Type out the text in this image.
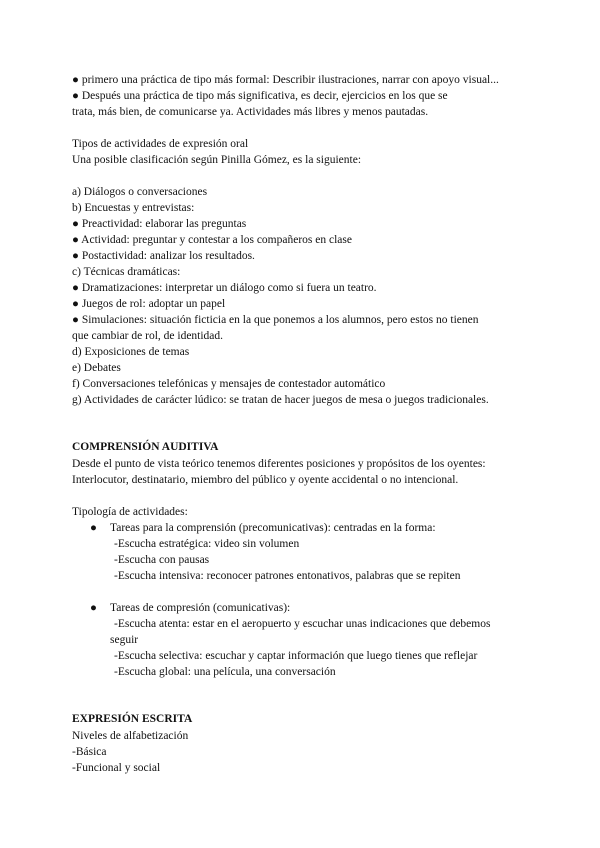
● primero una práctica de tipo más formal: Describir ilustraciones, narrar con apoyo visual...
● Después una práctica de tipo más significativa, es decir, ejercicios en los que se
trata, más bien, de comunicarse ya. Actividades más libres y menos pautadas.
Tipos de actividades de expresión oral
Una posible clasificación según Pinilla Gómez, es la siguiente:
a) Diálogos o conversaciones
b) Encuestas y entrevistas:
● Preactividad: elaborar las preguntas
● Actividad: preguntar y contestar a los compañeros en clase
● Postactividad: analizar los resultados.
c) Técnicas dramáticas:
● Dramatizaciones: interpretar un diálogo como si fuera un teatro.
● Juegos de rol: adoptar un papel
● Simulaciones: situación ficticia en la que ponemos a los alumnos, pero estos no tienen
que cambiar de rol, de identidad.
d) Exposiciones de temas
e) Debates
f) Conversaciones telefónicas y mensajes de contestador automático
g) Actividades de carácter lúdico: se tratan de hacer juegos de mesa o juegos tradicionales.
COMPRENSIÓN AUDITIVA
Desde el punto de vista teórico tenemos diferentes posiciones y propósitos de los oyentes:
Interlocutor, destinatario, miembro del público y oyente accidental o no intencional.
Tipología de actividades:
● Tareas para la comprensión (precomunicativas): centradas en la forma:
-Escucha estratégica: video sin volumen
-Escucha con pausas
-Escucha intensiva: reconocer patrones entonativos, palabras que se repiten
● Tareas de compresión (comunicativas):
-Escucha atenta: estar en el aeropuerto y escuchar unas indicaciones que debemos
seguir
-Escucha selectiva: escuchar y captar información que luego tienes que reflejar
-Escucha global: una película, una conversación
EXPRESIÓN ESCRITA
Niveles de alfabetización
-Básica
-Funcional y social
